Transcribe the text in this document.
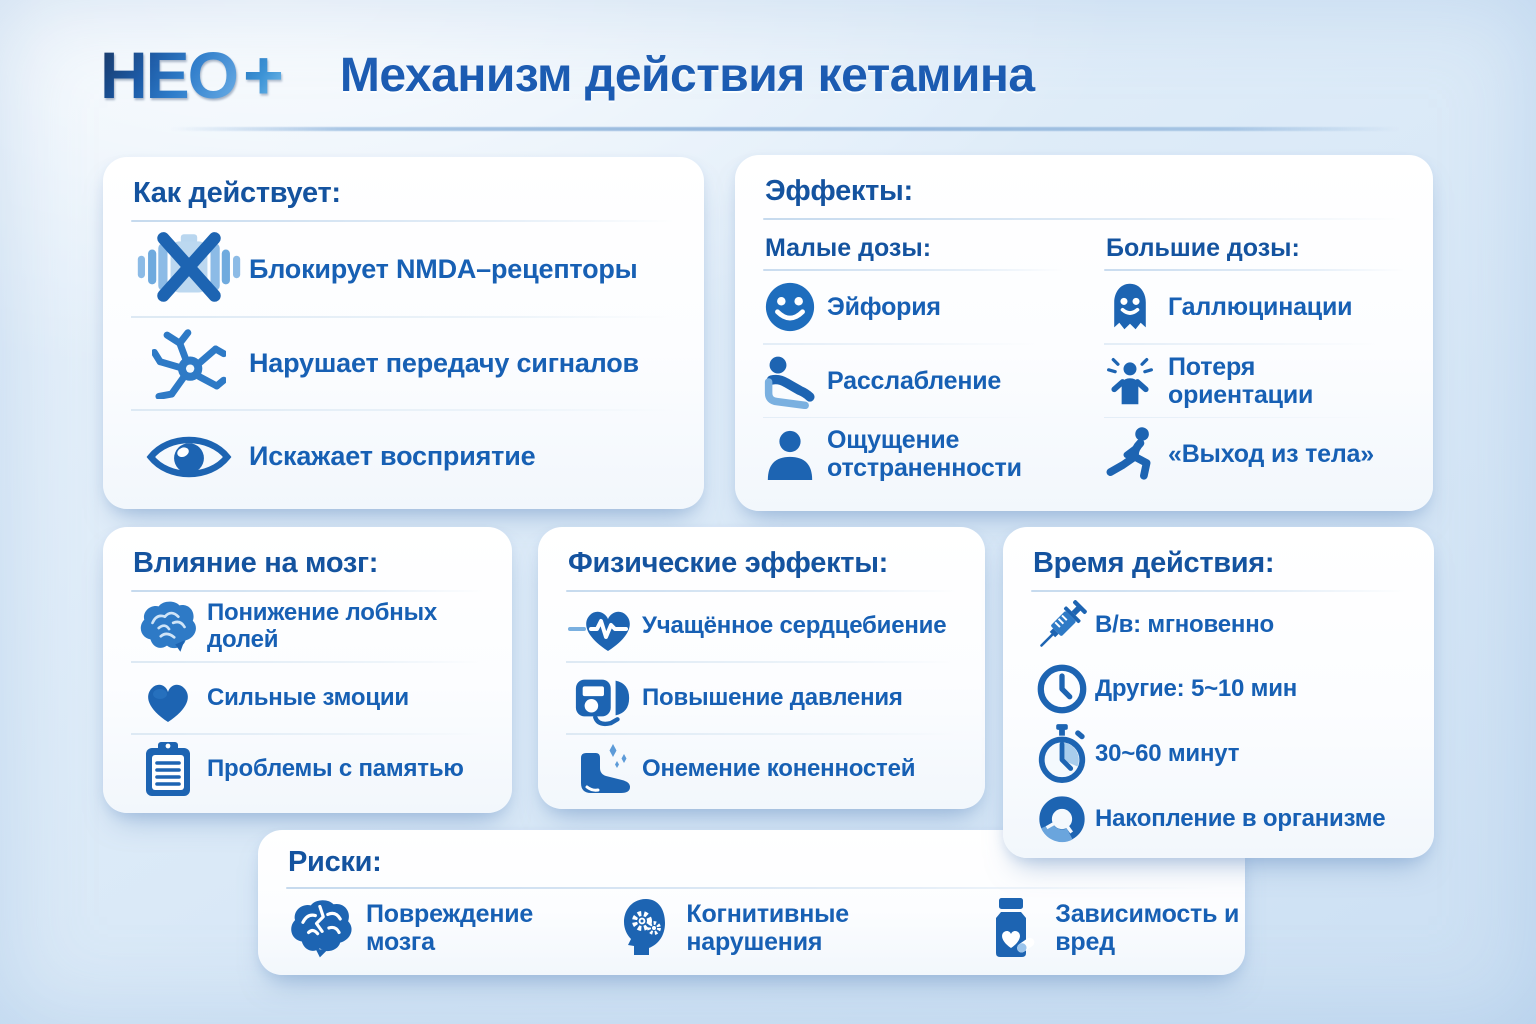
НЕО + Механизм действия кетамина
Как действует:
Блокирует NMDA–рецепторы
Нарушает передачу сигналов
Искажает восприятие
Эффекты:
Малые дозы:
Эйфория
Расслабление
Ощущение отстраненности
Большие дозы:
Галлюцинации
Потеря ориентации
«Выход из тела»
Влияние на мозг:
Понижение лобных долей
Сильные змоции
Проблемы с памятью
Физические эффекты:
Учащённое сердцебиение
Повышение давления
Онемение коненностей
Время действия:
В/в: мгновенно
Другие: 5~10 мин
30~60 минут
Накопление в организме
Риски:
Повреждение мозга
Когнитивные нарушения
Зависимость и вред
